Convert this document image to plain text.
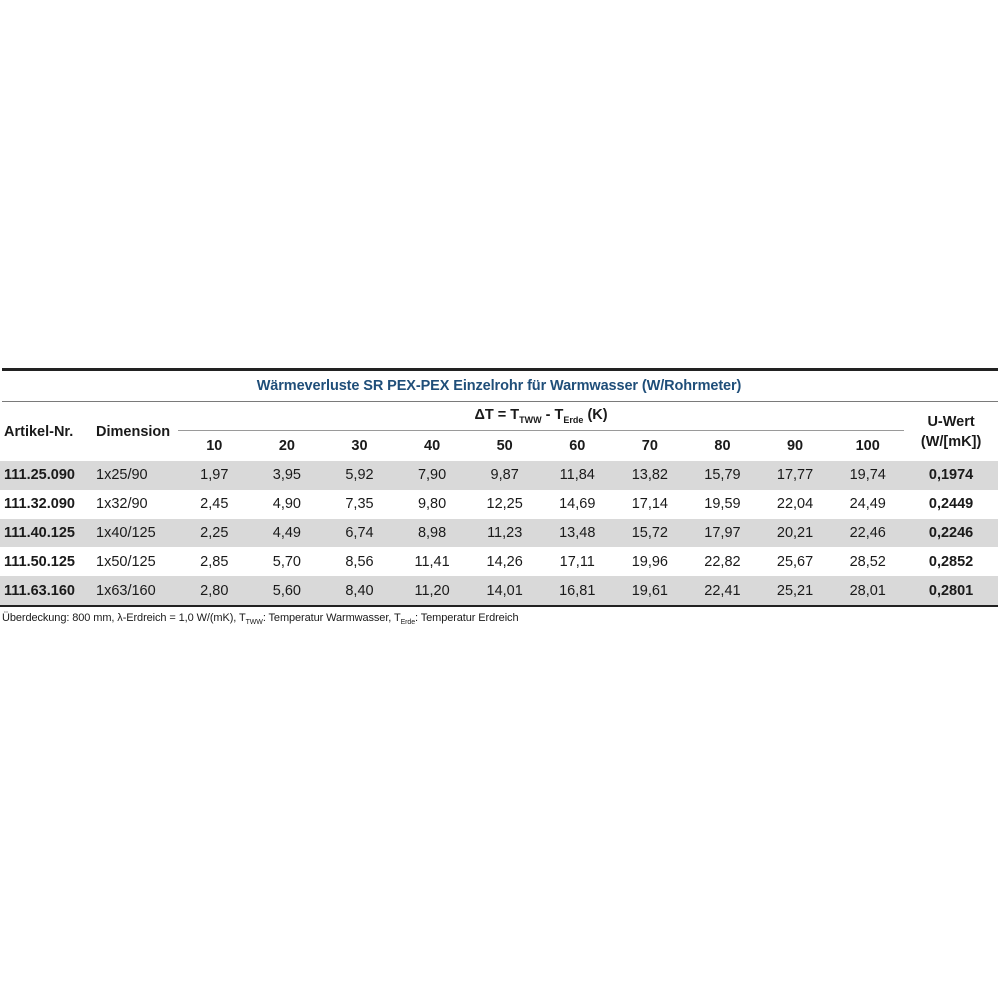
Wärmeverluste SR PEX-PEX Einzelrohr für Warmwasser (W/Rohrmeter)
Artikel-Nr.	Dimension	$\Delta T = T_{TWW} - T_{Erde}$ (K)										U-Wert
(W/[mK])
		10	20	30	40	50	60	70	80	90	100	
111.25.090	1x25/90	1,97	3,95	5,92	7,90	9,87	11,84	13,82	15,79	17,77	19,74	0,1974
111.32.090	1x32/90	2,45	4,90	7,35	9,80	12,25	14,69	17,14	19,59	22,04	24,49	0,2449
111.40.125	1x40/125	2,25	4,49	6,74	8,98	11,23	13,48	15,72	17,97	20,21	22,46	0,2246
111.50.125	1x50/125	2,85	5,70	8,56	11,41	14,26	17,11	19,96	22,82	25,67	28,52	0,2852
111.63.160	1x63/160	2,80	5,60	8,40	11,20	14,01	16,81	19,61	22,41	25,21	28,01	0,2801
Überdeckung: 800 mm, λ-Erdreich = 1,0 W/(mK), $T_{TWW}$: Temperatur Warmwasser, $T_{Erde}$: Temperatur Erdreich
